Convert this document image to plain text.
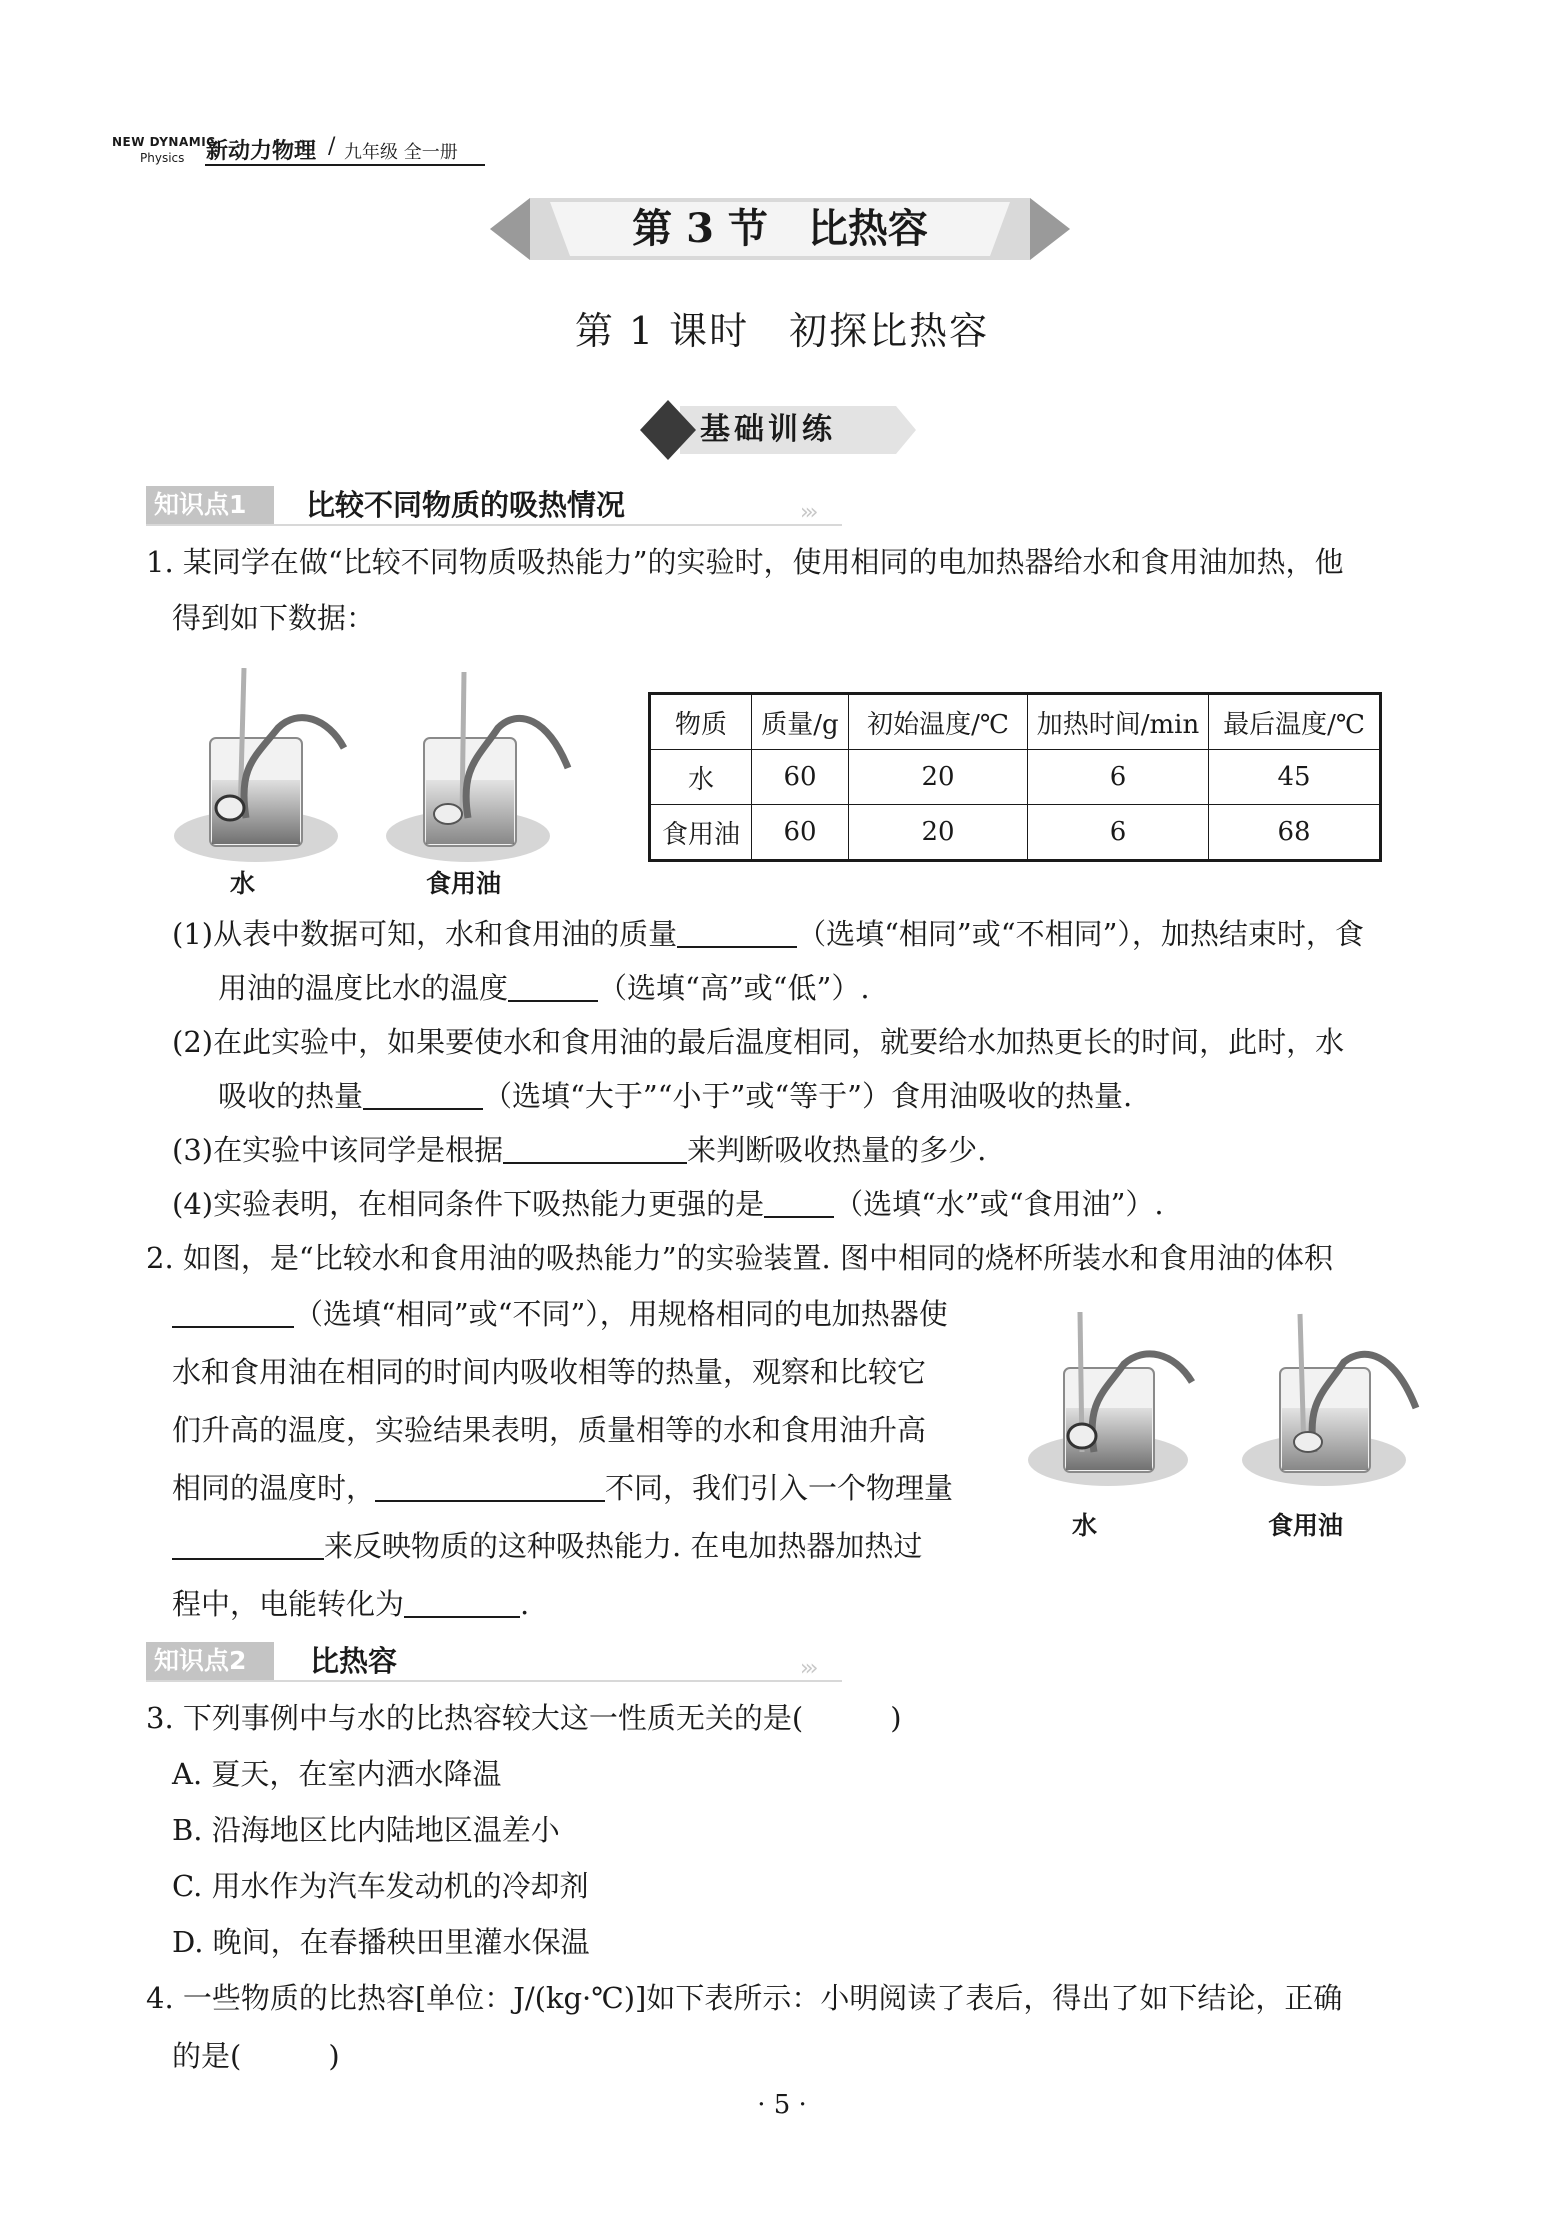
NEW DYNAMIC
Physics 新动力物理 / 九年级 全一册
第 3 节　比热容
第 1 课时　初探比热容
基础训练
知识点1	比较不同物质的吸热情况	›››
1. 某同学在做“比较不同物质吸热能力”的实验时，使用相同的电加热器给水和食用油加热，他
得到如下数据：
水	食用油
物质	质量/g	初始温度/℃	加热时间/min	最后温度/℃
水	60	20	6	45
食用油	60	20	6	68
(1)从表中数据可知，水和食用油的质量	（选填“相同”或“不相同”），加热结束时，食
用油的温度比水的温度	（选填“高”或“低”）.
(2)在此实验中，如果要使水和食用油的最后温度相同，就要给水加热更长的时间，此时，水
吸收的热量	（选填“大于”“小于”或“等于”）食用油吸收的热量.
(3)在实验中该同学是根据	来判断吸收热量的多少.
(4)实验表明，在相同条件下吸热能力更强的是 （选填“水”或“食用油”）.
2. 如图，是“比较水和食用油的吸热能力”的实验装置. 图中相同的烧杯所装水和食用油的体积
（选填“相同”或“不同”），用规格相同的电加热器使
水和食用油在相同的时间内吸收相等的热量，观察和比较它
们升高的温度，实验结果表明，质量相等的水和食用油升高
相同的温度时，	不同，我们引入一个物理量
来反映物质的这种吸热能力. 在电加热器加热过
程中，电能转化为	.
水	食用油
知识点2	比热容	›››
3. 下列事例中与水的比热容较大这一性质无关的是(　　　)
A. 夏天，在室内洒水降温
B. 沿海地区比内陆地区温差小
C. 用水作为汽车发动机的冷却剂
D. 晚间，在春播秧田里灌水保温
4. 一些物质的比热容[单位：J/(kg·℃)]如下表所示：小明阅读了表后，得出了如下结论，正确
的是(　　　)
· 5 ·
